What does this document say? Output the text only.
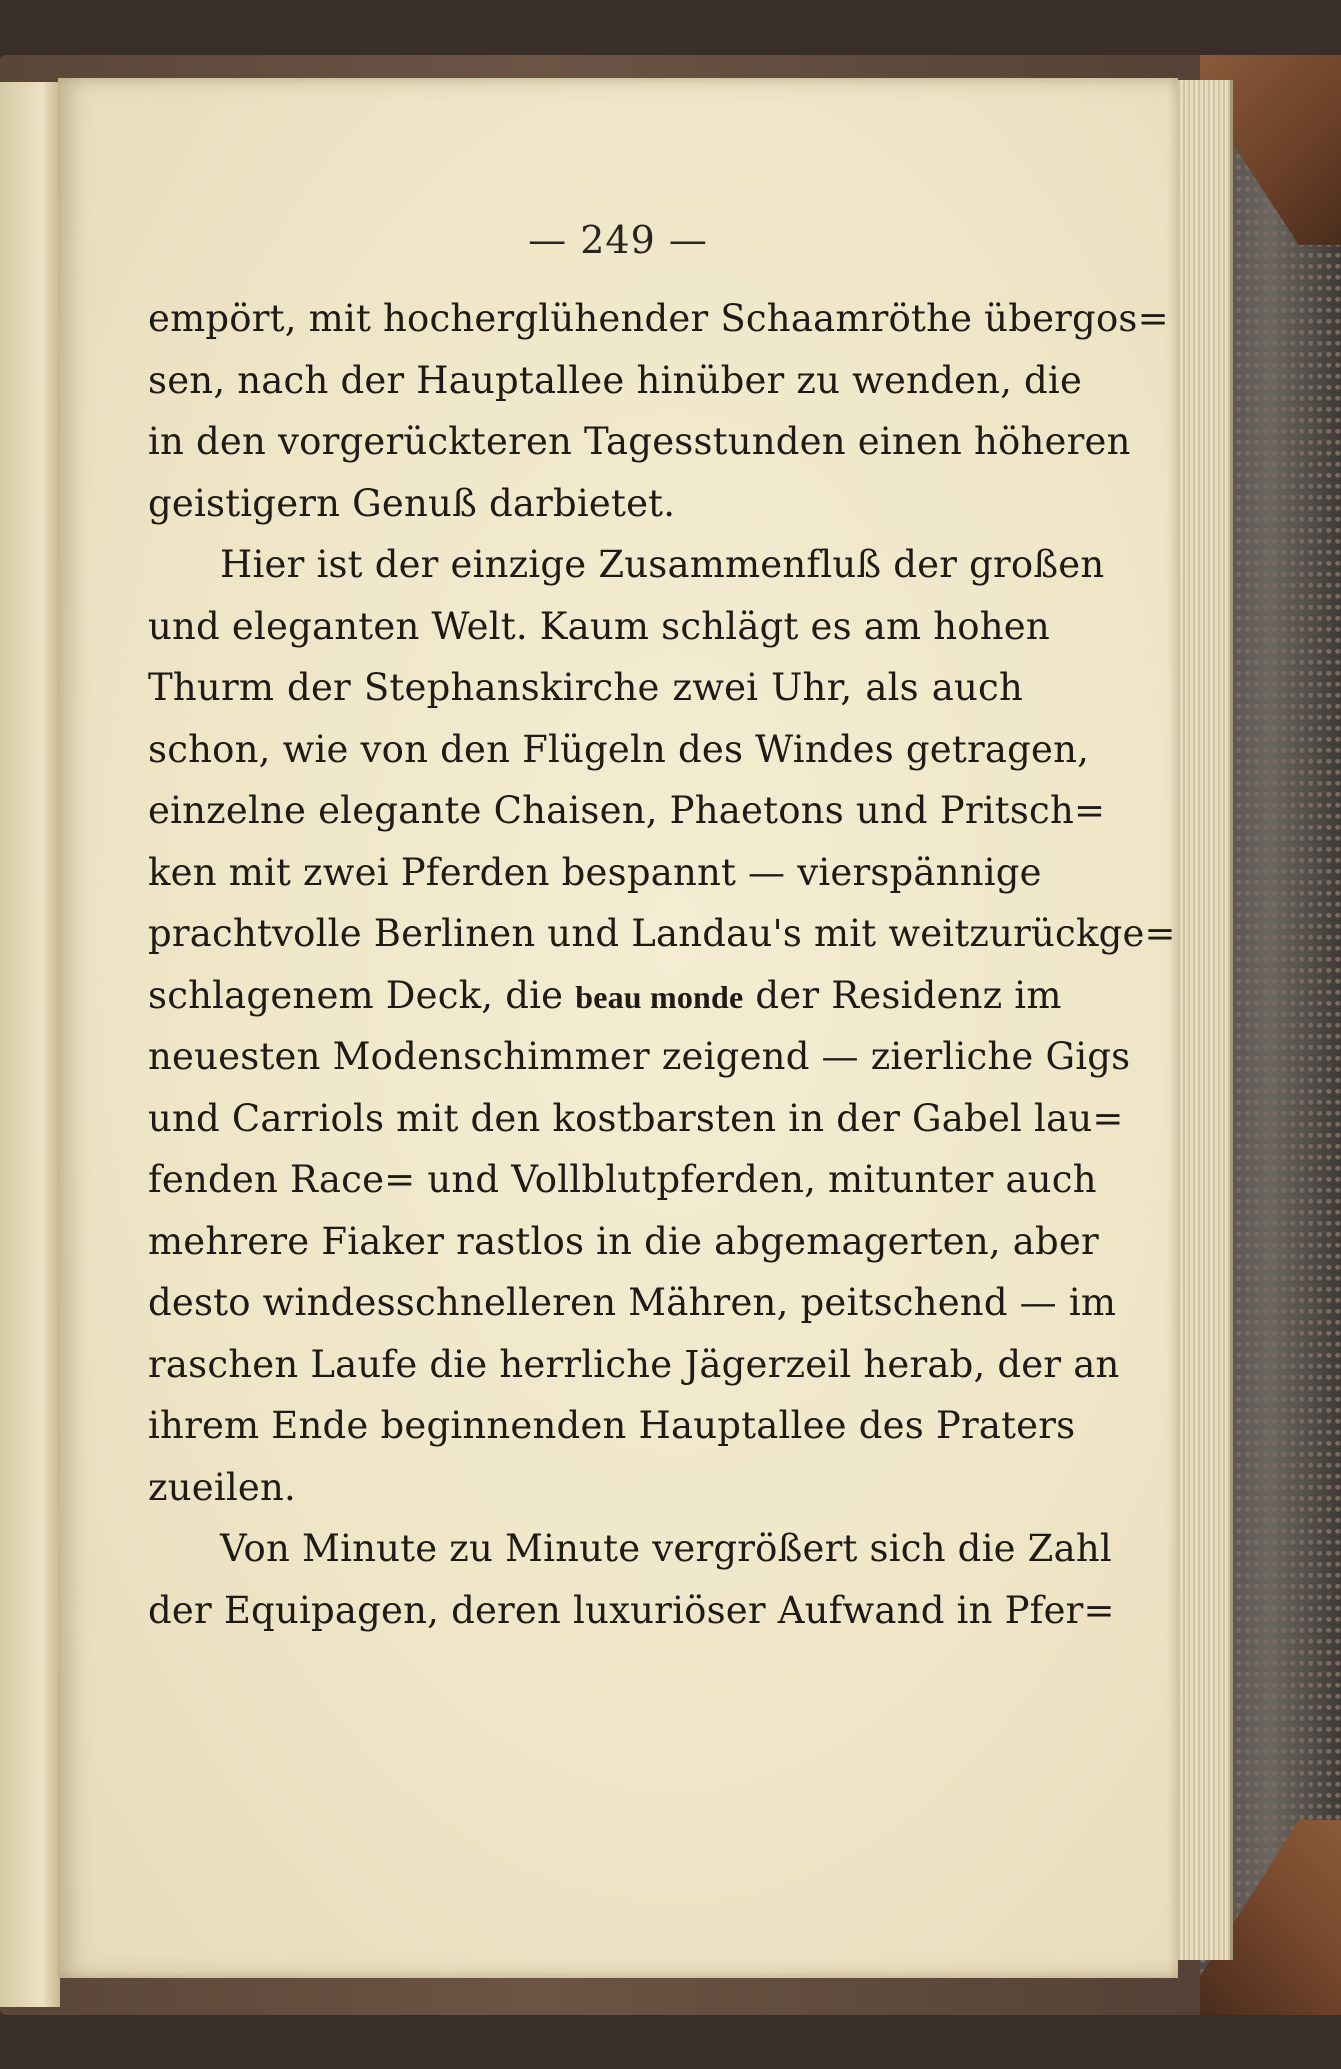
— 249 —
empört, mit hocherglühender Schaamröthe übergos=
sen, nach der Hauptallee hinüber zu wenden, die
in den vorgerückteren Tagesstunden einen höheren
geistigern Genuß darbietet.
Hier ist der einzige Zusammenfluß der großen
und eleganten Welt. Kaum schlägt es am hohen
Thurm der Stephanskirche zwei Uhr, als auch
schon, wie von den Flügeln des Windes getragen,
einzelne elegante Chaisen, Phaetons und Pritsch=
ken mit zwei Pferden bespannt — vierspännige
prachtvolle Berlinen und Landau's mit weitzurückge=
schlagenem Deck, die beau monde der Residenz im
neuesten Modenschimmer zeigend — zierliche Gigs
und Carriols mit den kostbarsten in der Gabel lau=
fenden Race= und Vollblutpferden, mitunter auch
mehrere Fiaker rastlos in die abgemagerten, aber
desto windesschnelleren Mähren, peitschend — im
raschen Laufe die herrliche Jägerzeil herab, der an
ihrem Ende beginnenden Hauptallee des Praters
zueilen.
Von Minute zu Minute vergrößert sich die Zahl
der Equipagen, deren luxuriöser Aufwand in Pfer=
